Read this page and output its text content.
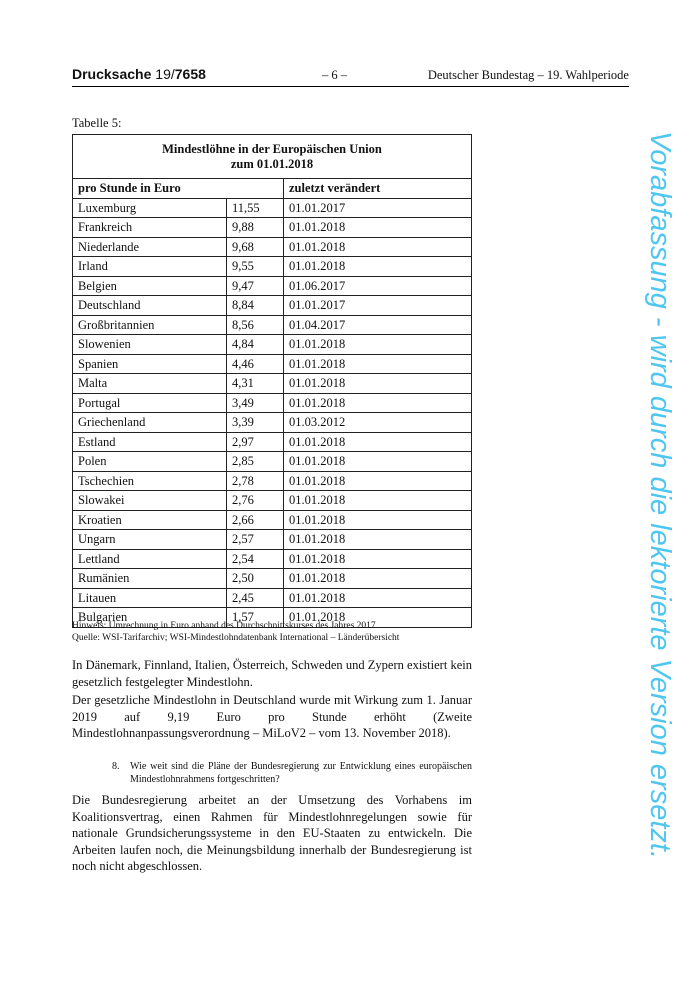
Drucksache 19/7658	– 6 –	Deutscher Bundestag – 19. Wahlperiode
Tabelle 5:
Mindestlöhne in der Europäischen Union
zum 01.01.2018		
pro Stunde in Euro		zuletzt verändert
Luxemburg	11,55	01.01.2017
Frankreich	9,88	01.01.2018
Niederlande	9,68	01.01.2018
Irland	9,55	01.01.2018
Belgien	9,47	01.06.2017
Deutschland	8,84	01.01.2017
Großbritannien	8,56	01.04.2017
Slowenien	4,84	01.01.2018
Spanien	4,46	01.01.2018
Malta	4,31	01.01.2018
Portugal	3,49	01.01.2018
Griechenland	3,39	01.03.2012
Estland	2,97	01.01.2018
Polen	2,85	01.01.2018
Tschechien	2,78	01.01.2018
Slowakei	2,76	01.01.2018
Kroatien	2,66	01.01.2018
Ungarn	2,57	01.01.2018
Lettland	2,54	01.01.2018
Rumänien	2,50	01.01.2018
Litauen	2,45	01.01.2018
Bulgarien	1,57	01.01.2018
Hinweis: Umrechnung in Euro anhand des Durchschnittskurses des Jahres 2017
Quelle: WSI-Tarifarchiv; WSI-Mindestlohndatenbank International – Länderübersicht
In Dänemark, Finnland, Italien, Österreich, Schweden und Zypern existiert kein gesetzlich festgelegter Mindestlohn.
Der gesetzliche Mindestlohn in Deutschland wurde mit Wirkung zum 1. Januar 2019 auf 9,19 Euro pro Stunde erhöht (Zweite Mindestlohnanpassungsverordnung – MiLoV2 – vom 13. November 2018).
8. Wie weit sind die Pläne der Bundesregierung zur Entwicklung eines europäischen Mindestlohnrahmens fortgeschritten?
Die Bundesregierung arbeitet an der Umsetzung des Vorhabens im Koalitionsvertrag, einen Rahmen für Mindestlohnregelungen sowie für nationale Grundsicherungssysteme in den EU-Staaten zu entwickeln. Die Arbeiten laufen noch, die Meinungsbildung innerhalb der Bundesregierung ist noch nicht abgeschlossen.
Vorabfassung - wird durch die lektorierte Version ersetzt.
